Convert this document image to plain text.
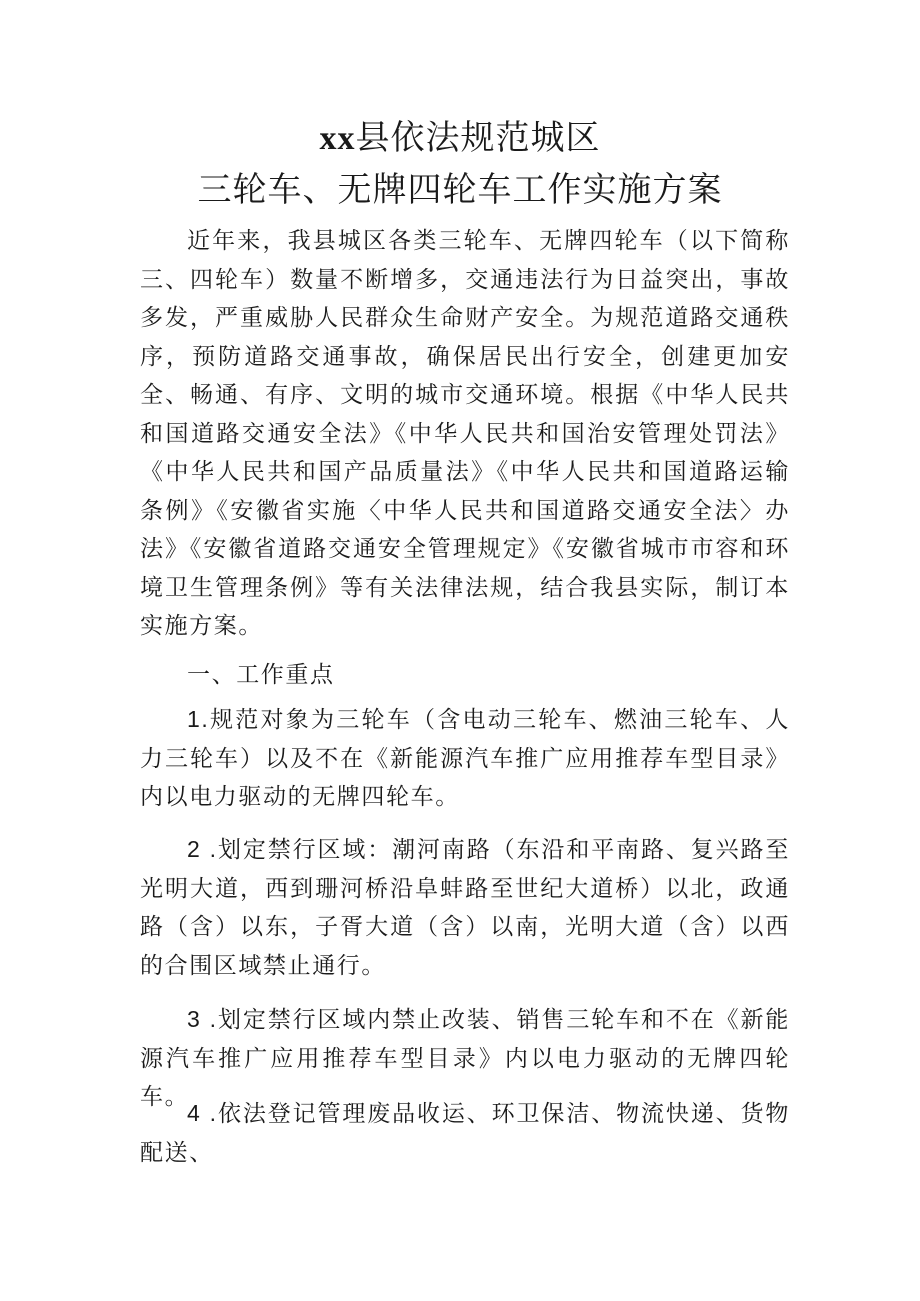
xx县依法规范城区
三轮车、无牌四轮车工作实施方案

近年来，我县城区各类三轮车、无牌四轮车（以下简称三、四轮车）数量不断增多，交通违法行为日益突出，事故多发，严重威胁人民群众生命财产安全。为规范道路交通秩序，预防道路交通事故，确保居民出行安全，创建更加安全、畅通、有序、文明的城市交通环境。根据《中华人民共和国道路交通安全法》《中华人民共和国治安管理处罚法》《中华人民共和国产品质量法》《中华人民共和国道路运输条例》《安徽省实施〈中华人民共和国道路交通安全法〉办法》《安徽省道路交通安全管理规定》《安徽省城市市容和环境卫生管理条例》等有关法律法规，结合我县实际，制订本实施方案。

一、工作重点

1.规范对象为三轮车（含电动三轮车、燃油三轮车、人力三轮车）以及不在《新能源汽车推广应用推荐车型目录》内以电力驱动的无牌四轮车。

2 .划定禁行区域：潮河南路（东沿和平南路、复兴路至光明大道，西到珊河桥沿阜蚌路至世纪大道桥）以北，政通路（含）以东，子胥大道（含）以南，光明大道（含）以西的合围区域禁止通行。

3 .划定禁行区域内禁止改装、销售三轮车和不在《新能源汽车推广应用推荐车型目录》内以电力驱动的无牌四轮车。

4 .依法登记管理废品收运、环卫保洁、物流快递、货物配送、
